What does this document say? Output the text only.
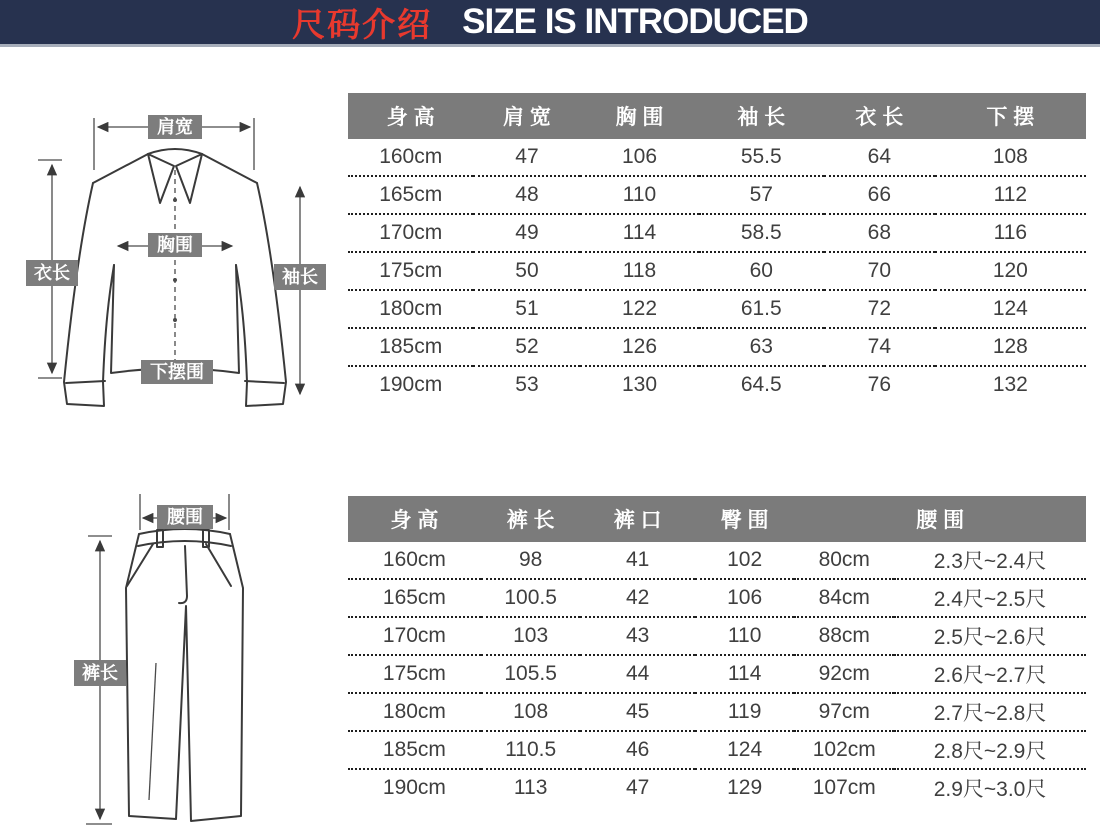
尺码介绍 SIZE IS INTRODUCED
胸围
衣长	袖长
肩宽
下摆围
裤长
腰围
身 高	肩 宽	胸 围	袖 长	衣 长	下 摆
160cm	47	106	55.5	64	108
165cm	48	110	57	66	112
170cm	49	114	58.5	68	116
175cm	50	118	60	70	120
180cm	51	122	61.5	72	124
185cm	52	126	63	74	128
190cm	53	130	64.5	76	132
身 高	裤 长	裤 口	臀 围	腰 围	
160cm	98	41	102	80cm	2.3尺~2.4尺
165cm	100.5	42	106	84cm	2.4尺~2.5尺
170cm	103	43	110	88cm	2.5尺~2.6尺
175cm	105.5	44	114	92cm	2.6尺~2.7尺
180cm	108	45	119	97cm	2.7尺~2.8尺
185cm	110.5	46	124	102cm	2.8尺~2.9尺
190cm	113	47	129	107cm	2.9尺~3.0尺
